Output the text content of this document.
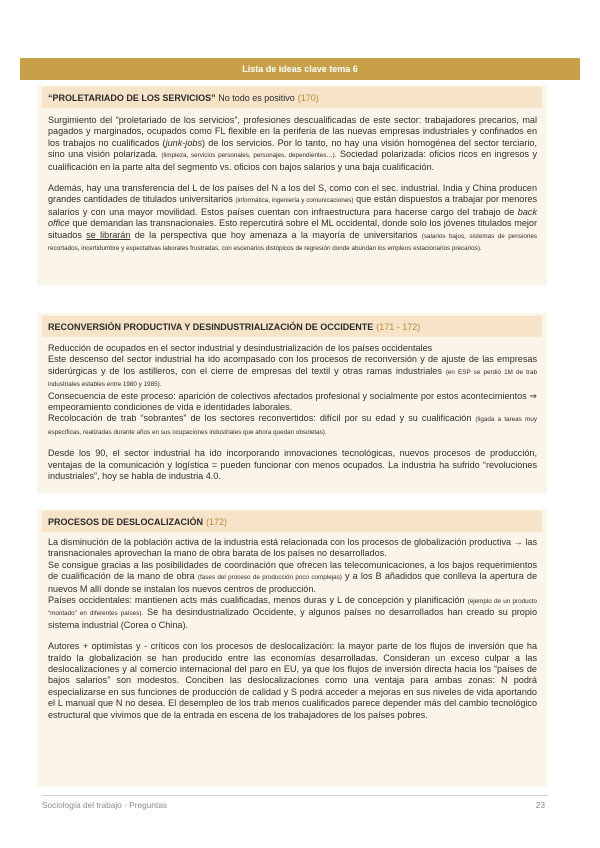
Lista de ideas clave tema 6
“PROLETARIADO DE LOS SERVICIOS”
No todo es positivo (170)

Surgimiento del “proletariado de los servicios”, profesiones descualificadas de este sector: trabajadores precarios, mal pagados y marginados, ocupados como FL flexible en la periferia de las nuevas empresas industriales y confinados en los trabajos no cualificados (junk-jobs) de los servicios. Por lo tanto, no hay una visión homogénea del sector terciario, sino una visión polarizada. (limpieza, servicios personales, personajes, dependientes…). Sociedad polarizada: oficios ricos en ingresos y cualificación en la parte alta del segmento vs. oficios con bajos salarios y una baja cualificación.

Además, hay una transferencia del L de los países del N a los del S, como con el sec. industrial. India y China producen grandes cantidades de titulados universitarios (informática, ingeniería y comunicaciones) que están dispuestos a trabajar por menores salarios y con una mayor movilidad. Estos países cuentan con infraestructura para hacerse cargo del trabajo de back office que demandan las transnacionales. Esto repercutirá sobre el ML occidental, donde solo los jóvenes titulados mejor situados se librarán de la perspectiva que hoy amenaza a la mayoría de universitarios (salarios bajos, sistemas de pensiones recortados, incertidumbre y expectativas laborales frustradas, con escenarios distópicos de regresión donde abundan los empleos estacionarios precarios).

RECONVERSIÓN PRODUCTIVA Y DESINDUSTRIALIZACIÓN DE OCCIDENTE (171 - 172)

Reducción de ocupados en el sector industrial y desindustrialización de los países occidentales

Este descenso del sector industrial ha ido acompasado con los procesos de reconversión y de ajuste de las empresas siderúrgicas y de los astilleros, con el cierre de empresas del textil y otras ramas industriales (en ESP se perdió 1M de trab industriales estables entre 1980 y 1985).

Consecuencia de este proceso: aparición de colectivos afectados profesional y socialmente por estos acontecimientos ⇒ empeoramiento condiciones de vida e identidades laborales.

Recolocación de trab “sobrantes” de los sectores reconvertidos: difícil por su edad y su cualificación (ligada a tareas muy específicas, realizadas durante años en sus ocupaciones industriales que ahora quedan obsoletas).

Desde los 90, el sector industrial ha ido incorporando innovaciones tecnológicas, nuevos procesos de producción, ventajas de la comunicación y logística = pueden funcionar con menos ocupados. La industria ha sufrido “revoluciones industriales”, hoy se habla de industria 4.0.

PROCESOS DE DESLOCALIZACIÓN (172)

La disminución de la población activa de la industria está relacionada con los procesos de globalización productiva → las transnacionales aprovechan la mano de obra barata de los países no desarrollados.

Se consigue gracias a las posibilidades de coordinación que ofrecen las telecomunicaciones, a los bajos requerimientos de cualificación de la mano de obra (fases del proceso de producción poco complejas) y a los B añadidos que conlleva la apertura de nuevos M allí donde se instalan los nuevos centros de producción.

Países occidentales: mantienen acts más cualificadas, menos duras y L de concepción y planificación (ejemplo de un producto “montado” en diferentes países). Se ha desindustrializado Occidente, y algunos países no desarrollados han creado su propio sistema industrial (Corea o China).

Autores + optimistas y - críticos con los procesos de deslocalización: la mayor parte de los flujos de inversión que ha traído la globalización se han producido entre las economías desarrolladas. Consideran un exceso culpar a las deslocalizaciones y al comercio internacional del paro en EU, ya que los flujos de inversión directa hacia los “países de bajos salarios” son modestos. Conciben las deslocalizaciones como una ventaja para ambas zonas: N podrá especializarse en sus funciones de producción de calidad y S podrá acceder a mejoras en sus niveles de vida aportando el L manual que N no desea. El desempleo de los trab menos cualificados parece depender más del cambio tecnológico estructural que vivimos que de la entrada en escena de los trabajadores de los países pobres.

Sociología del trabajo · Preguntas	23
